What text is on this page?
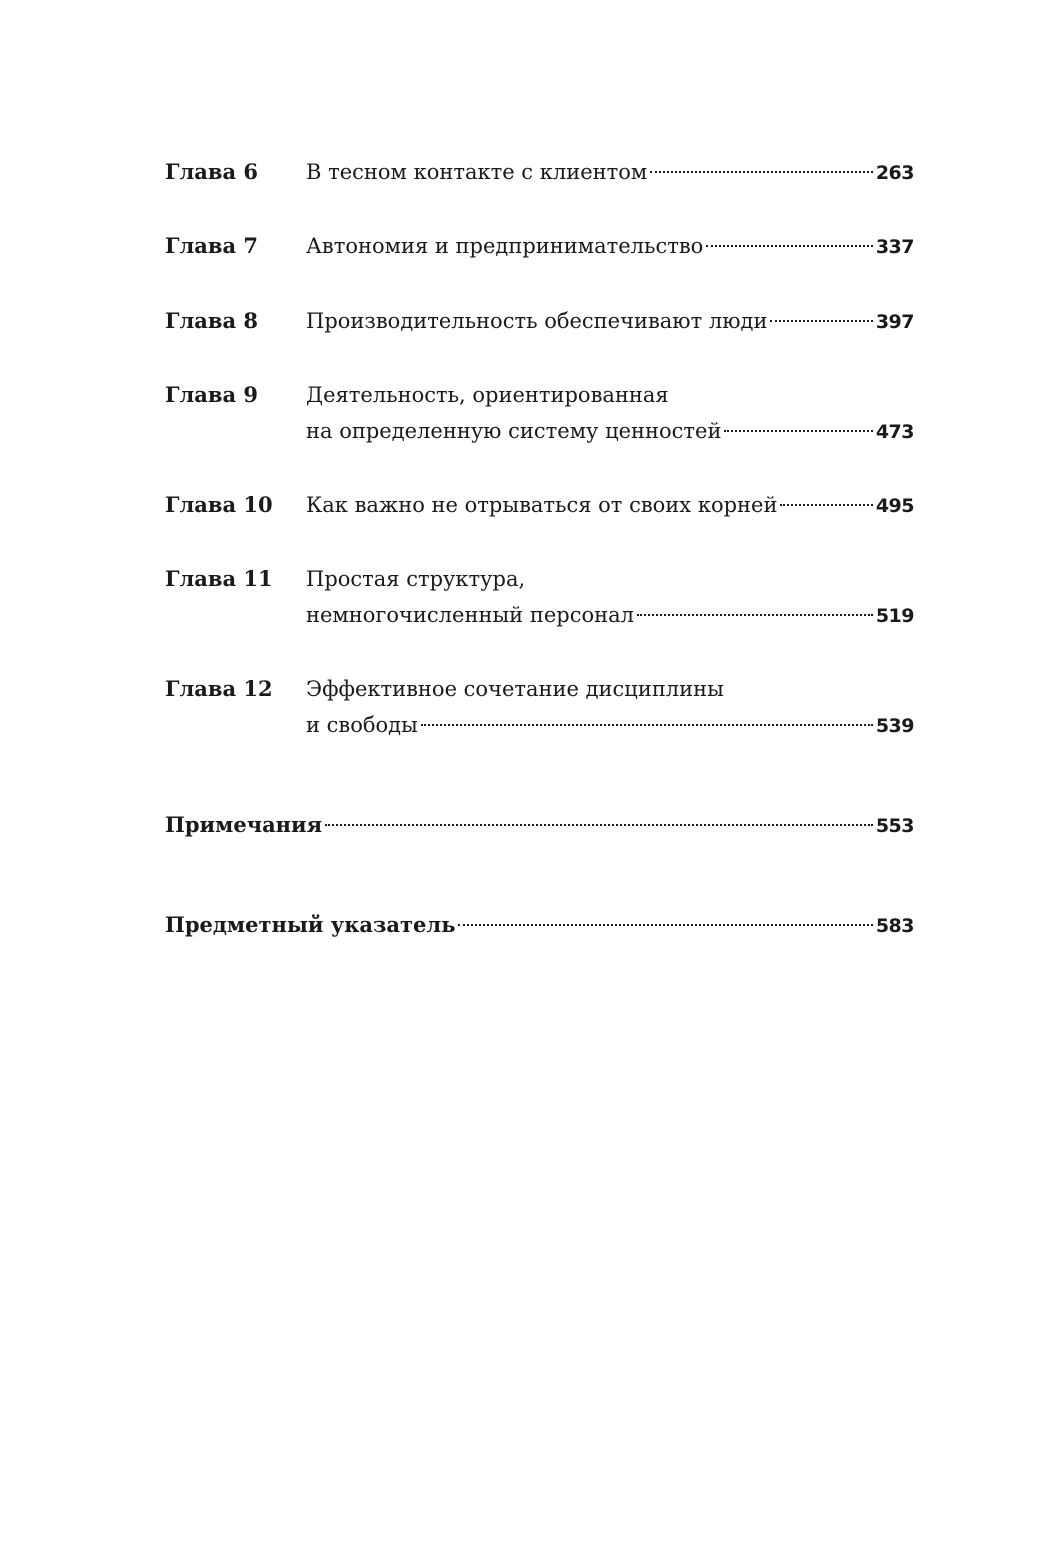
Глава 6	В тесном контакте с клиентом	263
Глава 7	Автономия и предпринимательство	337
Глава 8	Производительность обеспечивают люди	397
Глава 9	Деятельность, ориентированная
на определенную систему ценностей	473
Глава 10	Как важно не отрываться от своих корней	495
Глава 11	Простая структура,
немногочисленный персонал	519
Глава 12	Эффективное сочетание дисциплины
и свободы	539
Примечания	553
Предметный указатель	583
